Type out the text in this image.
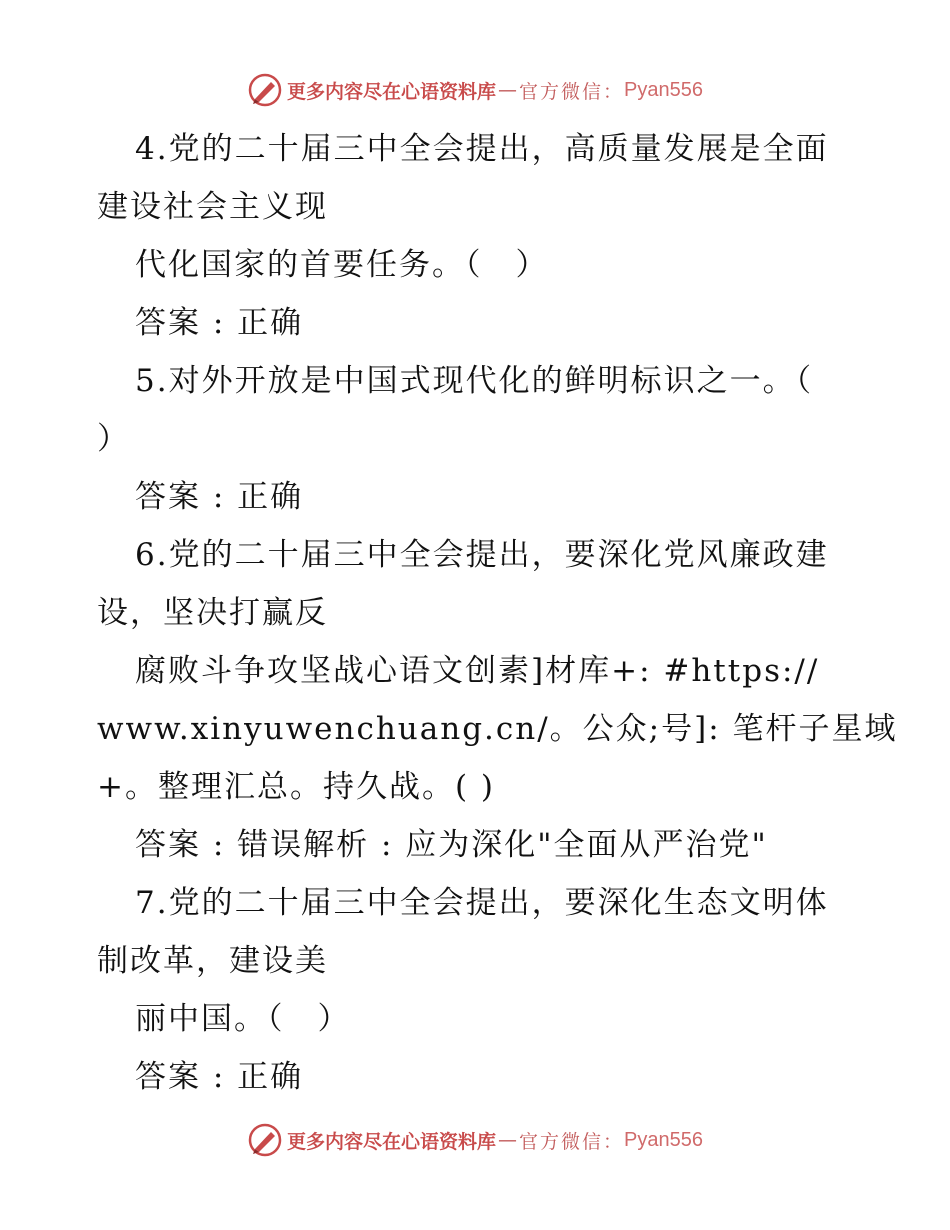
更多内容尽在心语资料库 — 官方微信： Pyan556
4.党的二十届三中全会提出，高质量发展是全面
建设社会主义现
代化国家的首要任务。（　）
答案 : 正确
5.对外开放是中国式现代化的鲜明标识之一。（
）
答案 : 正确
6.党的二十届三中全会提出，要深化党风廉政建
设，坚决打赢反
腐败斗争攻坚战心语文创素]材库+: #https://
www.xinyuwenchuang.cn/。公众;号]: 笔杆子星域
+。整理汇总。持久战。( )
答案 : 错误解析 : 应为深化"全面从严治党"
7.党的二十届三中全会提出，要深化生态文明体
制改革，建设美
丽中国。（　）
答案 : 正确
更多内容尽在心语资料库 — 官方微信： Pyan556
